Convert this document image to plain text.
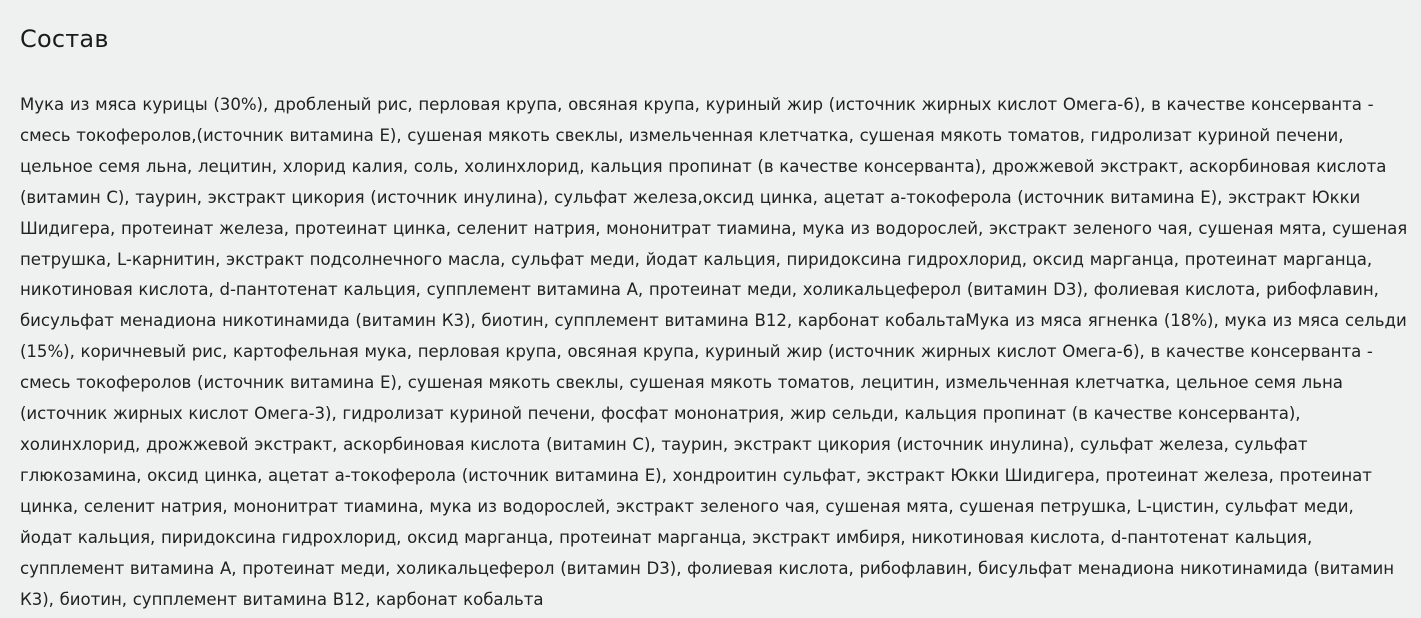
Состав

Мука из мяса курицы (30%), дробленый рис, перловая крупа, овсяная крупа, куриный жир (источник жирных кислот Омега-6), в качестве консерванта - смесь токоферолов,(источник витамина Е), сушеная мякоть свеклы, измельченная клетчатка, сушеная мякоть томатов, гидролизат куриной печени, цельное семя льна, лецитин, хлорид калия, соль, холинхлорид, кальция пропинат (в качестве консерванта), дрожжевой экстракт, аскорбиновая кислота (витамин С), таурин, экстракт цикория (источник инулина), сульфат железа,оксид цинка, ацетат a-токоферола (источник витамина Е), экстракт Юкки Шидигера, протеинат железа, протеинат цинка, селенит натрия, мононитрат тиамина, мука из водорослей, экстракт зеленого чая, сушеная мята, сушеная петрушка, L-карнитин, экстракт подсолнечного масла, сульфат меди, йодат кальция, пиридоксина гидрохлорид, оксид марганца, протеинат марганца, никотиновая кислота, d-пантотенат кальция, супплемент витамина А, протеинат меди, холикальцеферол (витамин D3), фолиевая кислота, рибофлавин, бисульфат менадиона никотинамида (витамин К3), биотин, супплемент витамина B12, карбонат кобальтаМука из мяса ягненка (18%), мука из мяса сельди (15%), коричневый рис, картофельная мука, перловая крупа, овсяная крупа, куриный жир (источник жирных кислот Омега-6), в качестве консерванта - смесь токоферолов (источник витамина Е), сушеная мякоть свеклы, сушеная мякоть томатов, лецитин, измельченная клетчатка, цельное семя льна (источник жирных кислот Омега-3), гидролизат куриной печени, фосфат мононатрия, жир сельди, кальция пропинат (в качестве консерванта), холинхлорид, дрожжевой экстракт, аскорбиновая кислота (витамин С), таурин, экстракт цикория (источник инулина), сульфат железа, сульфат глюкозамина, оксид цинка, ацетат a-токоферола (источник витамина Е), хондроитин сульфат, экстракт Юкки Шидигера, протеинат железа, протеинат цинка, селенит натрия, мононитрат тиамина, мука из водорослей, экстракт зеленого чая, сушеная мята, сушеная петрушка, L-цистин, сульфат меди, йодат кальция, пиридоксина гидрохлорид, оксид марганца, протеинат марганца, экстракт имбиря, никотиновая кислота, d-пантотенат кальция, супплемент витамина А, протеинат меди, холикальцеферол (витамин D3), фолиевая кислота, рибофлавин, бисульфат менадиона никотинамида (витамин К3), биотин, супплемент витамина B12, карбонат кобальта
